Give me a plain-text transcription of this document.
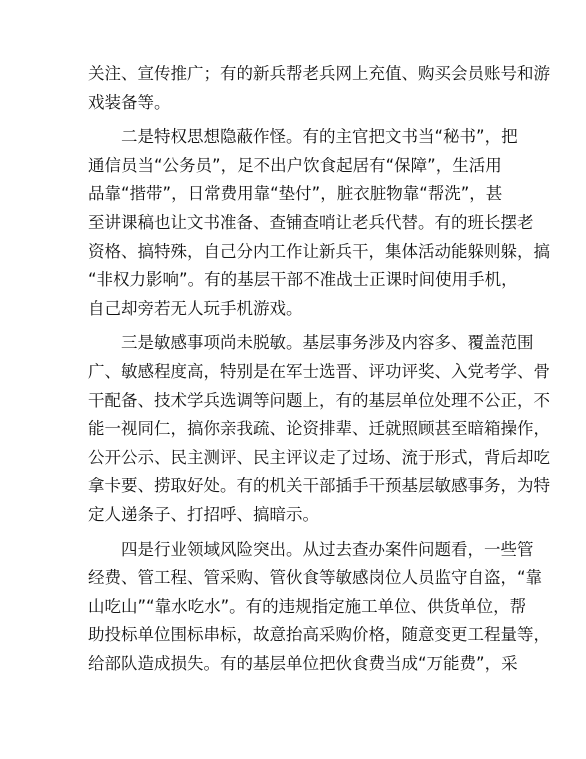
关注、宣传推广；有的新兵帮老兵网上充值、购买会员账号和游
戏装备等。

二是特权思想隐蔽作怪。有的主官把文书当“秘书”，把
通信员当“公务员”，足不出户饮食起居有“保障”，生活用
品靠“揩带”，日常费用靠“垫付”，脏衣脏物靠“帮洗”，甚
至讲课稿也让文书准备、查铺查哨让老兵代替。有的班长摆老
资格、搞特殊，自己分内工作让新兵干，集体活动能躲则躲，搞
“非权力影响”。有的基层干部不准战士正课时间使用手机，
自己却旁若无人玩手机游戏。

三是敏感事项尚未脱敏。基层事务涉及内容多、覆盖范围
广、敏感程度高，特别是在军士选晋、评功评奖、入党考学、骨
干配备、技术学兵选调等问题上，有的基层单位处理不公正，不
能一视同仁，搞你亲我疏、论资排辈、迁就照顾甚至暗箱操作，
公开公示、民主测评、民主评议走了过场、流于形式，背后却吃
拿卡要、捞取好处。有的机关干部插手干预基层敏感事务，为特
定人递条子、打招呼、搞暗示。

四是行业领域风险突出。从过去查办案件问题看，一些管
经费、管工程、管采购、管伙食等敏感岗位人员监守自盗，“靠
山吃山”“靠水吃水”。有的违规指定施工单位、供货单位，帮
助投标单位围标串标，故意抬高采购价格，随意变更工程量等，
给部队造成损失。有的基层单位把伙食费当成“万能费”，采
